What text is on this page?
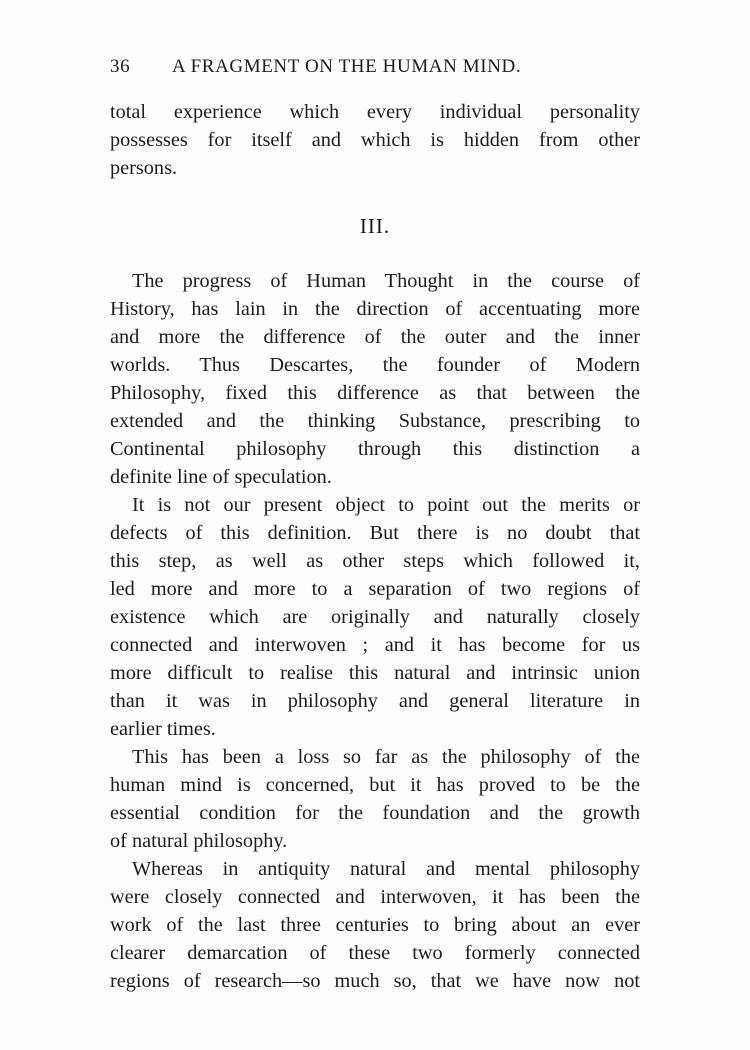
36 A FRAGMENT ON THE HUMAN MIND.
total experience which every individual personality
possesses for itself and which is hidden from other
persons.
III.
The progress of Human Thought in the course of
History, has lain in the direction of accentuating more
and more the difference of the outer and the inner
worlds. Thus Descartes, the founder of Modern
Philosophy, fixed this difference as that between the
extended and the thinking Substance, prescribing to
Continental philosophy through this distinction a
definite line of speculation.
It is not our present object to point out the merits or
defects of this definition. But there is no doubt that
this step, as well as other steps which followed it,
led more and more to a separation of two regions of
existence which are originally and naturally closely
connected and interwoven ; and it has become for us
more difficult to realise this natural and intrinsic union
than it was in philosophy and general literature in
earlier times.
This has been a loss so far as the philosophy of the
human mind is concerned, but it has proved to be the
essential condition for the foundation and the growth
of natural philosophy.
Whereas in antiquity natural and mental philosophy
were closely connected and interwoven, it has been the
work of the last three centuries to bring about an ever
clearer demarcation of these two formerly connected
regions of research—so much so, that we have now not
